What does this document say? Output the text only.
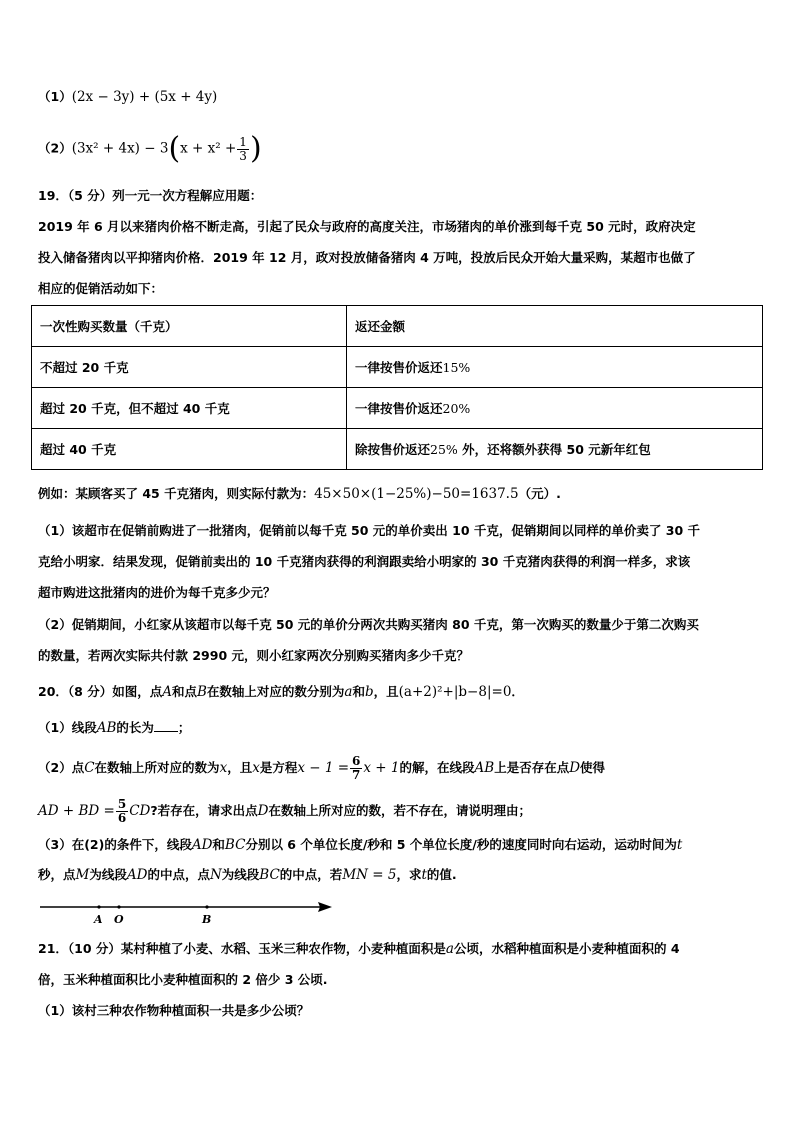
（1）(2x − 3y) + (5x + 4y)
$(2)(3x^2 + 4x) - 3(x + x^2 + \frac{1}{3}$ )
19．（5 分）列一元一次方程解应用题：
2019 年 6 月以来猪肉价格不断走高，引起了民众与政府的高度关注，市场猪肉的单价涨到每千克 50 元时，政府决定
投入储备猪肉以平抑猪肉价格．2019 年 12 月，政对投放储备猪肉 4 万吨，投放后民众开始大量采购，某超市也做了
相应的促销活动如下：
一次性购买数量（千克）	返还金额
不超过 20 千克	一律按售价返还15%
超过 20 千克，但不超过 40 千克	一律按售价返还20%
超过 40 千克	除按售价返还25% 外，还将额外获得 50 元新年红包
例如：某顾客买了 45 千克猪肉，则实际付款为：45×50×(1−25%)−50=1637.5（元）.
（1）该超市在促销前购进了一批猪肉，促销前以每千克 50 元的单价卖出 10 千克，促销期间以同样的单价卖了 30 千
克给小明家．结果发现，促销前卖出的 10 千克猪肉获得的利润跟卖给小明家的 30 千克猪肉获得的利润一样多，求该
超市购进这批猪肉的进价为每千克多少元？
（2）促销期间，小红家从该超市以每千克 50 元的单价分两次共购买猪肉 80 千克，第一次购买的数量少于第二次购买
的数量，若两次实际共付款 2990 元，则小红家两次分别购买猪肉多少千克？
20．（8 分）如图，点A和点B在数轴上对应的数分别为a和b，且(a+2)²+|b−8|=0．
（1）线段AB的长为 ；
（2）点C在数轴上所对应的数为x，且x是方程$x - 1 = \frac{6}{7}$ x + 1的解，在线段AB上是否存在点D使得
AD + BD = $\frac{5}{6}$ CD?若存在，请求出点D在数轴上所对应的数，若不存在，请说明理由；
（3）在(2)的条件下，线段AD和BC分别以 6 个单位长度/秒和 5 个单位长度/秒的速度同时向右运动，运动时间为t
秒，点M为线段AD的中点，点N为线段BC的中点，若MN = 5，求t的值.
A O	B
21．（10 分）某村种植了小麦、水稻、玉米三种农作物，小麦种植面积是a公顷，水稻种植面积是小麦种植面积的 4
倍，玉米种植面积比小麦种植面积的 2 倍少 3 公顷.
（1）该村三种农作物种植面积一共是多少公顷？
